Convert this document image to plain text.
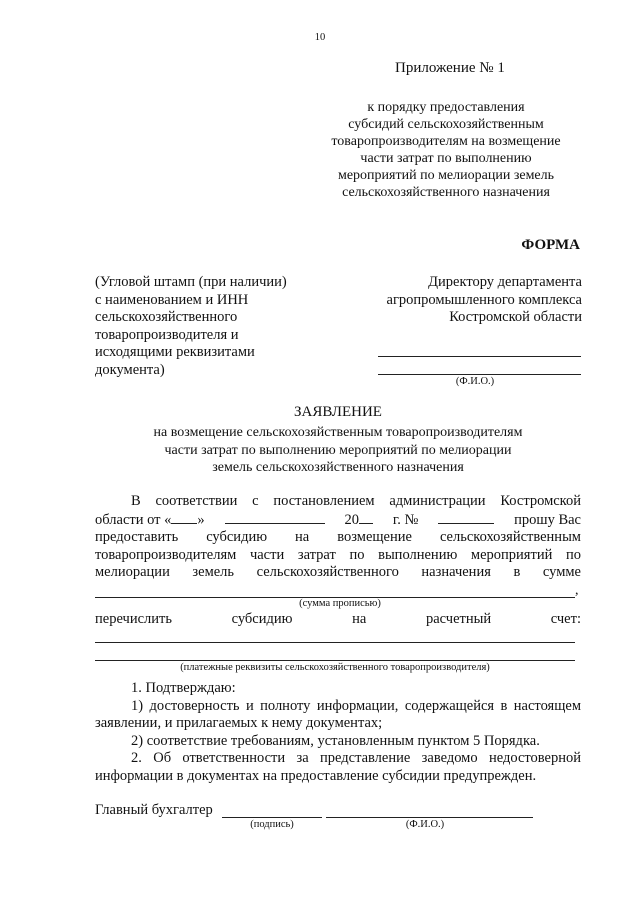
10
Приложение № 1
к порядку предоставления
субсидий сельскохозяйственным
товаропроизводителям на возмещение
части затрат по выполнению
мероприятий по мелиорации земель
сельскохозяйственного назначения
ФОРМА
(Угловой штамп (при наличии)
с наименованием и ИНН
сельскохозяйственного
товаропроизводителя и
исходящими реквизитами
документа)
Директору департамента
агропромышленного комплекса
Костромской области
(Ф.И.О.)
ЗАЯВЛЕНИЕ
на возмещение сельскохозяйственным товаропроизводителям
части затрат по выполнению мероприятий по мелиорации
земель сельскохозяйственного назначения
В соответствии с постановлением администрации Костромской
области от « »	20	г. №	прошу Вас
предоставить субсидию на возмещение сельскохозяйственным
товаропроизводителям части затрат по выполнению мероприятий по
мелиорации земель сельскохозяйственного назначения в сумме
,
(сумма прописью)
перечислить субсидию на расчетный счет:
(платежные реквизиты сельскохозяйственного товаропроизводителя)
1. Подтверждаю:
1) достоверность и полноту информации, содержащейся в настоящем
заявлении, и прилагаемых к нему документах;
2) соответствие требованиям, установленным пунктом 5 Порядка.
2. Об ответственности за представление заведомо недостоверной
информации в документах на предоставление субсидии предупрежден.
Главный бухгалтер
(подпись)	(Ф.И.О.)
